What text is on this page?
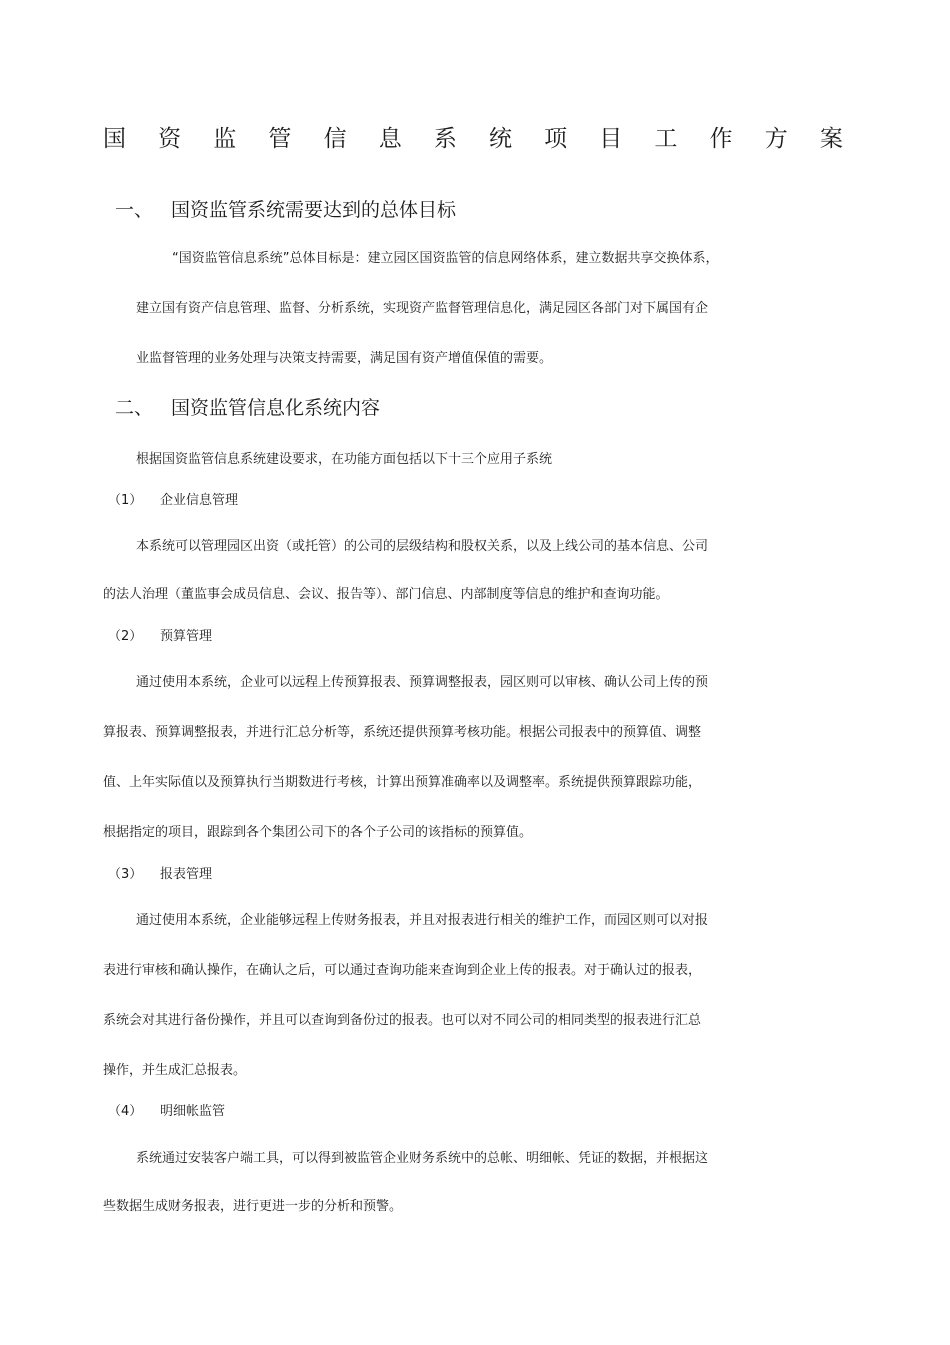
国 资 监 管 信 息 系 统 项 目 工 作 方 案
一、 国资监管系统需要达到的总体目标
“国资监管信息系统”总体目标是：建立园区国资监管的信息网络体系，建立数据共享交换体系，
建立国有资产信息管理、监督、分析系统，实现资产监督管理信息化，满足园区各部门对下属国有企
业监督管理的业务处理与决策支持需要，满足国有资产增值保值的需要。
二、 国资监管信息化系统内容
根据国资监管信息系统建设要求，在功能方面包括以下十三个应用子系统
（1） 企业信息管理
本系统可以管理园区出资（或托管）的公司的层级结构和股权关系，以及上线公司的基本信息、公司
的法人治理（董监事会成员信息、会议、报告等）、部门信息、内部制度等信息的维护和查询功能。
（2） 预算管理
通过使用本系统，企业可以远程上传预算报表、预算调整报表，园区则可以审核、确认公司上传的预
算报表、预算调整报表，并进行汇总分析等，系统还提供预算考核功能。根据公司报表中的预算值、调整
值、上年实际值以及预算执行当期数进行考核，计算出预算准确率以及调整率。系统提供预算跟踪功能，
根据指定的项目，跟踪到各个集团公司下的各个子公司的该指标的预算值。
（3） 报表管理
通过使用本系统，企业能够远程上传财务报表，并且对报表进行相关的维护工作，而园区则可以对报
表进行审核和确认操作，在确认之后，可以通过查询功能来查询到企业上传的报表。对于确认过的报表，
系统会对其进行备份操作，并且可以查询到备份过的报表。也可以对不同公司的相同类型的报表进行汇总
操作，并生成汇总报表。
（4） 明细帐监管
系统通过安装客户端工具，可以得到被监管企业财务系统中的总帐、明细帐、凭证的数据，并根据这
些数据生成财务报表，进行更进一步的分析和预警。
